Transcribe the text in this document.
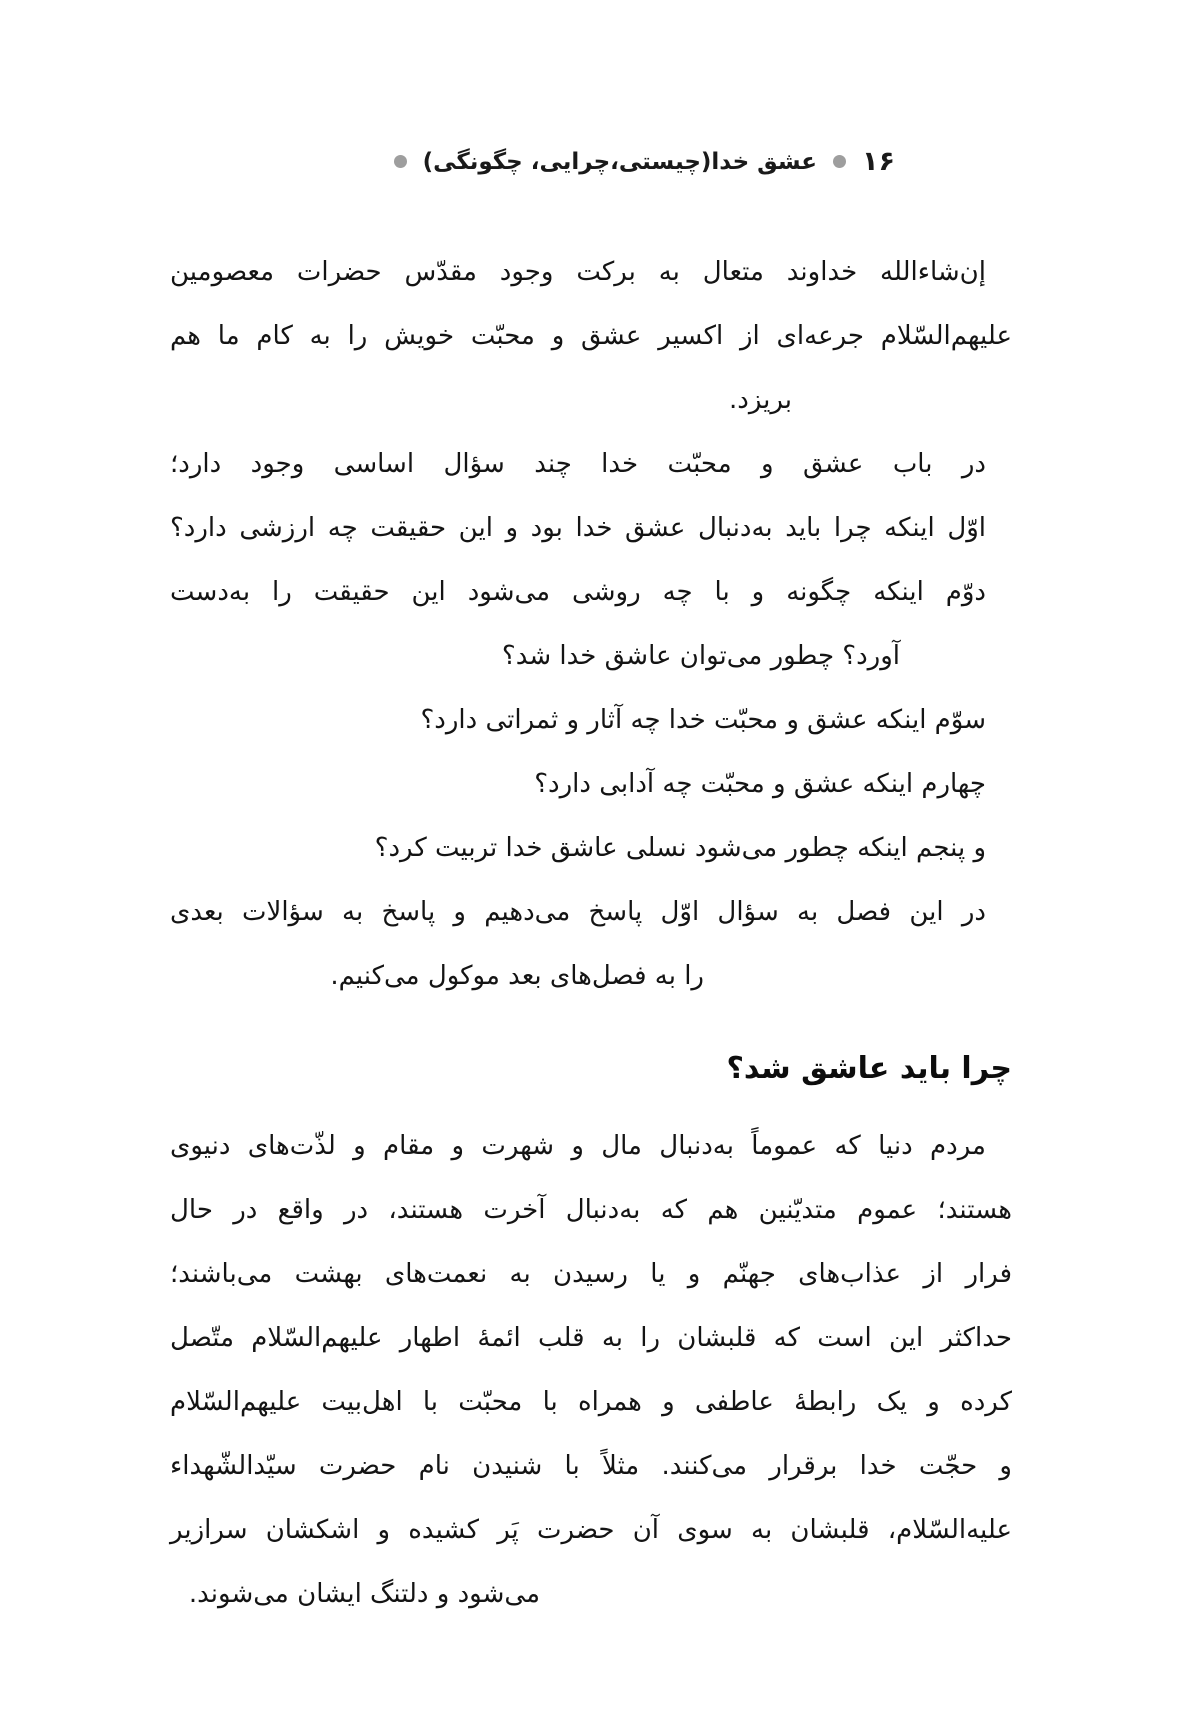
۱۶
عشق خدا(چیستی،چرایی، چگونگی)
إن‌شاءالله خداوند متعال به برکت وجود مقدّس حضرات معصومین
علیهم‌السّلام جرعه‌ای از اکسیر عشق و محبّت خویش را به کام ما هم
بریزد.
در باب عشق و محبّت خدا چند سؤال اساسی وجود دارد؛
اوّل اینکه چرا باید به‌دنبال عشق خدا بود و این حقیقت چه ارزشی دارد؟
دوّم اینکه چگونه و با چه روشی می‌شود این حقیقت را به‌دست
آورد؟ چطور می‌توان عاشق خدا شد؟
سوّم اینکه عشق و محبّت خدا چه آثار و ثمراتی دارد؟
چهارم اینکه عشق و محبّت چه آدابی دارد؟
و پنجم اینکه چطور می‌شود نسلی عاشق خدا تربیت کرد؟
در این فصل به سؤال اوّل پاسخ می‌دهیم و پاسخ به سؤالات بعدی
را به فصل‌های بعد موکول می‌کنیم.
چرا باید عاشق شد؟
مردم دنیا که عموماً به‌دنبال مال و شهرت و مقام و لذّت‌های دنیوی
هستند؛ عموم متدیّنین هم که به‌دنبال آخرت هستند، در واقع در حال
فرار از عذاب‌های جهنّم و یا رسیدن به نعمت‌های بهشت می‌باشند؛
حداکثر این است که قلبشان را به قلب ائمهٔ اطهار علیهم‌السّلام متّصل
کرده و یک رابطهٔ عاطفی و همراه با محبّت با اهل‌بیت علیهم‌السّلام
و حجّت خدا برقرار می‌کنند. مثلاً با شنیدن نام حضرت سیّدالشّهداء
علیه‌السّلام، قلبشان به سوی آن حضرت پَر کشیده و اشکشان سرازیر
می‌شود و دلتنگ ایشان می‌شوند.
